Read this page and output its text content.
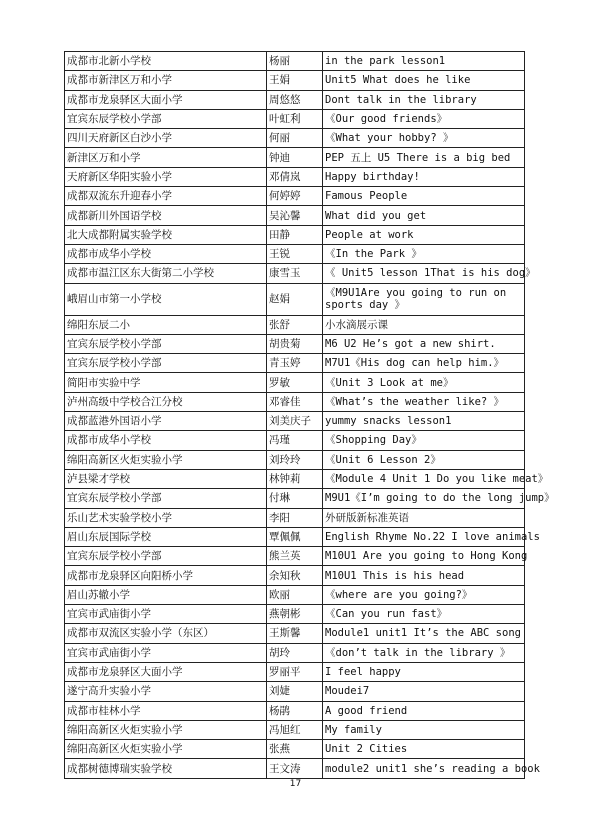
成都市北新小学校	杨丽	in the park lesson1
成都市新津区万和小学	王娟	Unit5 What does he like
成都市龙泉驿区大面小学	周悠悠	Dont talk in the library
宜宾东辰学校小学部	叶虹利	《Our good friends》
四川天府新区白沙小学	何丽	《What your hobby? 》
新津区万和小学	钟迪	PEP 五上 U5 There is a big bed
天府新区华阳实验小学	邓倩岚	Happy birthday!
成都双流东升迎春小学	何婷婷	Famous People
成都新川外国语学校	吴沁馨	What did you get
北大成都附属实验学校	田静	People at work
成都市成华小学校	王锐	《In the Park 》
成都市温江区东大街第二小学校	康雪玉	《 Unit5 lesson 1That is his dog》
峨眉山市第一小学校	赵娟	《M9U1Are you going to run on sports day 》
绵阳东辰二小	张舒	小水滴展示课
宜宾东辰学校小学部	胡贵菊	M6 U2 He’s got a new shirt.
宜宾东辰学校小学部	青玉婷	M7U1《His dog can help him.》
简阳市实验中学	罗敏	《Unit 3 Look at me》
泸州高级中学校合江分校	邓睿佳	《What’s the weather like? 》
成都蓝港外国语小学	刘美庆子	yummy snacks lesson1
成都市成华小学校	冯瑾	《Shopping Day》
绵阳高新区火炬实验小学	刘玲玲	《Unit 6 Lesson 2》
泸县梁才学校	林钟莉	《Module 4 Unit 1 Do you like meat》
宜宾东辰学校小学部	付琳	M9U1《I’m going to do the long jump》
乐山艺术实验学校小学	李阳	外研版新标准英语
眉山东辰国际学校	覃佩佩	English Rhyme No.22 I love animals
宜宾东辰学校小学部	熊兰英	M10U1 Are you going to Hong Kong
成都市龙泉驿区向阳桥小学	余知秋	M10U1 This is his head
眉山苏辙小学	欧丽	《where are you going?》
宜宾市武庙街小学	燕朝彬	《Can you run fast》
成都市双流区实验小学（东区）	王斯馨	Module1 unit1 It’s the ABC song
宜宾市武庙街小学	胡玲	《don’t talk in the library 》
成都市龙泉驿区大面小学	罗丽平	I feel happy
遂宁高升实验小学	刘婕	Moudei7
成都市桂林小学	杨鹃	A good friend
绵阳高新区火炬实验小学	冯旭红	My family
绵阳高新区火炬实验小学	张燕	Unit 2 Cities
成都树德博瑞实验学校	王文涛	module2 unit1 she’s reading a book
17
